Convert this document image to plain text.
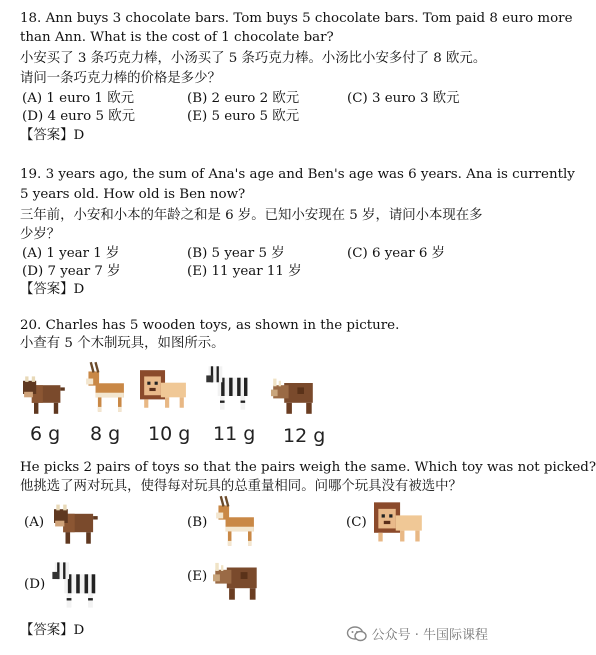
18. Ann buys 3 chocolate bars. Tom buys 5 chocolate bars. Tom paid 8 euro more
than Ann. What is the cost of 1 chocolate bar?
小安买了 3 条巧克力棒，小汤买了 5 条巧克力棒。小汤比小安多付了 8 欧元。
请问一条巧克力棒的价格是多少？
(A) 1 euro 1 欧元	(B) 2 euro 2 欧元	(C) 3 euro 3 欧元
(D) 4 euro 5 欧元	(E) 5 euro 5 欧元
【答案】D
19. 3 years ago, the sum of Ana's age and Ben's age was 6 years. Ana is currently
5 years old. How old is Ben now?
三年前，小安和小本的年龄之和是 6 岁。已知小安现在 5 岁，请问小本现在多
少岁？
(A) 1 year 1 岁	(B) 5 year 5 岁	(C) 6 year 6 岁
(D) 7 year 7 岁	(E) 11 year 11 岁
【答案】D
20. Charles has 5 wooden toys, as shown in the picture.
小查有 5 个木制玩具，如图所示。
6 g 8 g 10 g 11 g 12 g
He picks 2 pairs of toys so that the pairs weigh the same. Which toy was not picked?
他挑选了两对玩具，使得每对玩具的总重量相同。问哪个玩具没有被选中？
(A)	(B)	(C)
(D)
(E)
【答案】D	公众号 · 牛国际课程
